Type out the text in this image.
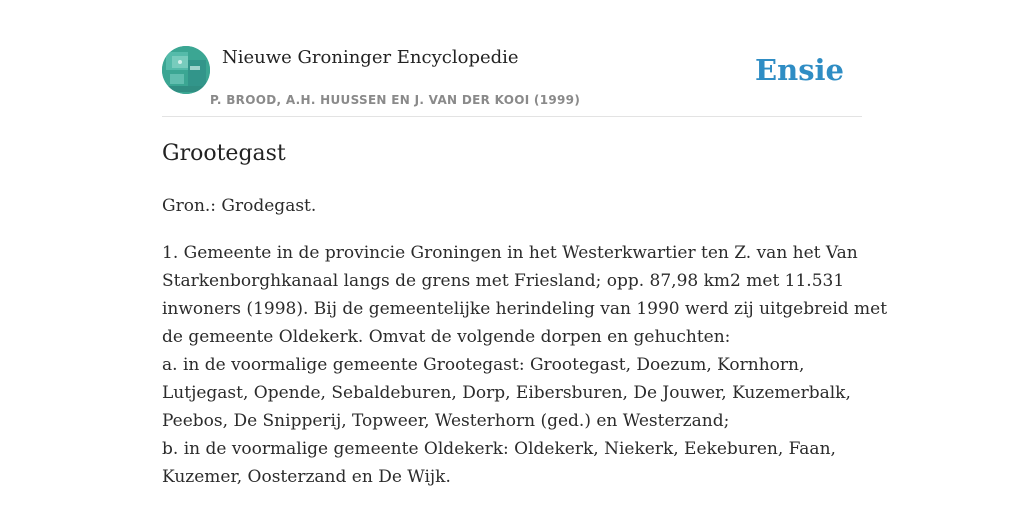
Nieuwe Groninger Encyclopedie
P. BROOD, A.H. HUUSSEN EN J. VAN DER KOOI (1999)
Ensie
Grootegast

Gron.: Grodegast.

1. Gemeente in de provincie Groningen in het Westerkwartier ten Z. van het Van
Starkenborghkanaal langs de grens met Friesland; opp. 87,98 km2 met 11.531
inwoners (1998). Bij de gemeentelijke herindeling van 1990 werd zij uitgebreid met
de gemeente Oldekerk. Omvat de volgende dorpen en gehuchten:
a. in de voormalige gemeente Grootegast: Grootegast, Doezum, Kornhorn,
Lutjegast, Opende, Sebaldeburen, Dorp, Eibersburen, De Jouwer, Kuzemerbalk,
Peebos, De Snipperij, Topweer, Westerhorn (ged.) en Westerzand;
b. in de voormalige gemeente Oldekerk: Oldekerk, Niekerk, Eekeburen, Faan,
Kuzemer, Oosterzand en De Wijk.
